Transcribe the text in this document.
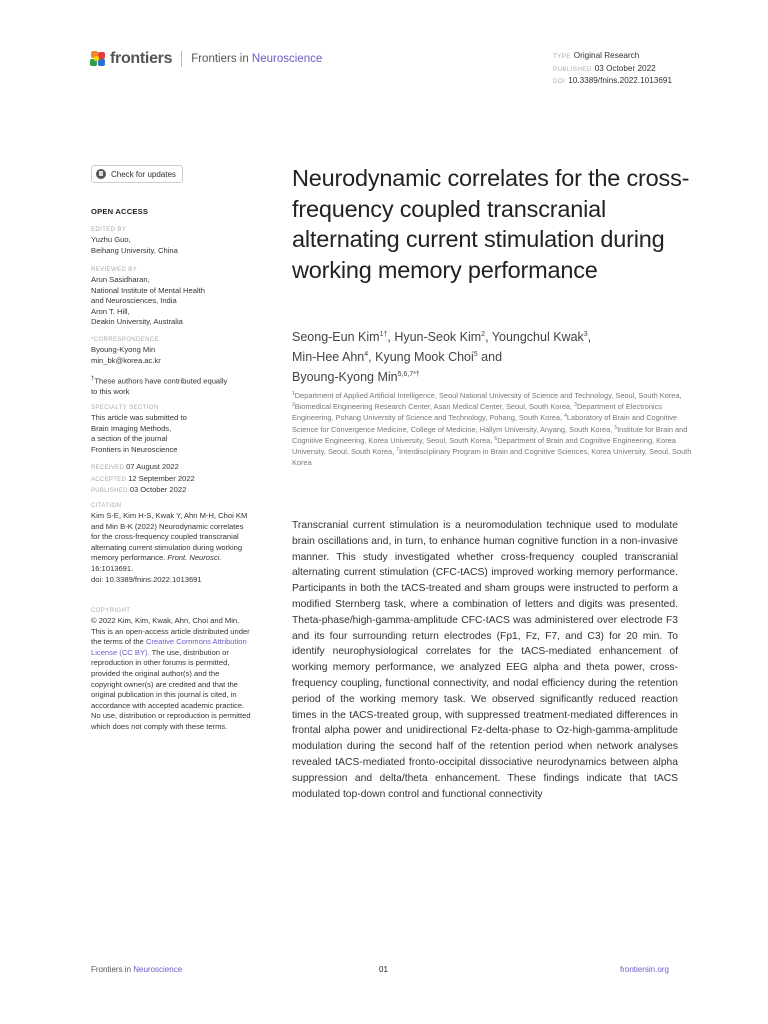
frontiers Frontiers in Neuroscience	TYPE Original Research
PUBLISHED 03 October 2022
DOI 10.3389/fnins.2022.1013691
Check for updates
OPEN ACCESS
EDITED BY
Yuzhu Guo,
Beihang University, China
REVIEWED BY
Arun Sasidharan,
National Institute of Mental Health
and Neurosciences, India
Aron T. Hill,
Deakin University, Australia
*CORRESPONDENCE
Byoung-Kyong Min
min_bk@korea.ac.kr
†These authors have contributed equally to this work
SPECIALTY SECTION
This article was submitted to
Brain Imaging Methods,
a section of the journal
Frontiers in Neuroscience
RECEIVED 07 August 2022
ACCEPTED 12 September 2022
PUBLISHED 03 October 2022
CITATION
Kim S-E, Kim H-S, Kwak Y, Ahn M-H, Choi KM and Min B-K (2022) Neurodynamic correlates for the cross-frequency coupled transcranial alternating current stimulation during working memory performance. Front. Neurosci. 16:1013691.
doi: 10.3389/fnins.2022.1013691
COPYRIGHT
© 2022 Kim, Kim, Kwak, Ahn, Choi and Min. This is an open-access article distributed under the terms of the Creative Commons Attribution License (CC BY). The use, distribution or reproduction in other forums is permitted, provided the original author(s) and the copyright owner(s) are credited and that the original publication in this journal is cited, in accordance with accepted academic practice. No use, distribution or reproduction is permitted which does not comply with these terms.
Neurodynamic correlates for the cross-frequency coupled transcranial alternating current stimulation during working memory performance
Seong-Eun Kim$^{1\dagger}$, Hyun-Seok Kim$^2$, Youngchul Kwak$^3$,
Min-Hee Ahn$^4$, Kyung Mook Choi$^5$ and
Byoung-Kyong Min$^{5,6,7*\dagger}$
$^1$Department of Applied Artificial Intelligence, Seoul National University of Science and Technology, Seoul, South Korea, $^2$Biomedical Engineering Research Center, Asan Medical Center, Seoul, South Korea, $^3$Department of Electronics Engineering, Pohang University of Science and Technology, Pohang, South Korea, $^4$Laboratory of Brain and Cognitive Science for Convergence Medicine, College of Medicine, Hallym University, Anyang, South Korea, $^5$Institute for Brain and Cognitive Engineering, Korea University, Seoul, South Korea, $^6$Department of Brain and Cognitive Engineering, Korea University, Seoul, South Korea, $^7$Interdisciplinary Program in Brain and Cognitive Sciences, Korea University, Seoul, South Korea
Transcranial current stimulation is a neuromodulation technique used to modulate brain oscillations and, in turn, to enhance human cognitive function in a non-invasive manner. This study investigated whether cross-frequency coupled transcranial alternating current stimulation (CFC-tACS) improved working memory performance. Participants in both the tACS-treated and sham groups were instructed to perform a modified Sternberg task, where a combination of letters and digits was presented. Theta-phase/high-gamma-amplitude CFC-tACS was administered over electrode F3 and its four surrounding return electrodes (Fp1, Fz, F7, and C3) for 20 min. To identify neurophysiological correlates for the tACS-mediated enhancement of working memory performance, we analyzed EEG alpha and theta power, cross-frequency coupling, functional connectivity, and nodal efficiency during the retention period of the working memory task. We observed significantly reduced reaction times in the tACS-treated group, with suppressed treatment-mediated differences in frontal alpha power and unidirectional Fz-delta-phase to Oz-high-gamma-amplitude modulation during the second half of the retention period when network analyses revealed tACS-mediated fronto-occipital dissociative neurodynamics between alpha suppression and delta/theta enhancement. These findings indicate that tACS modulated top-down control and functional connectivity
Frontiers in Neuroscience	01	frontiersin.org
